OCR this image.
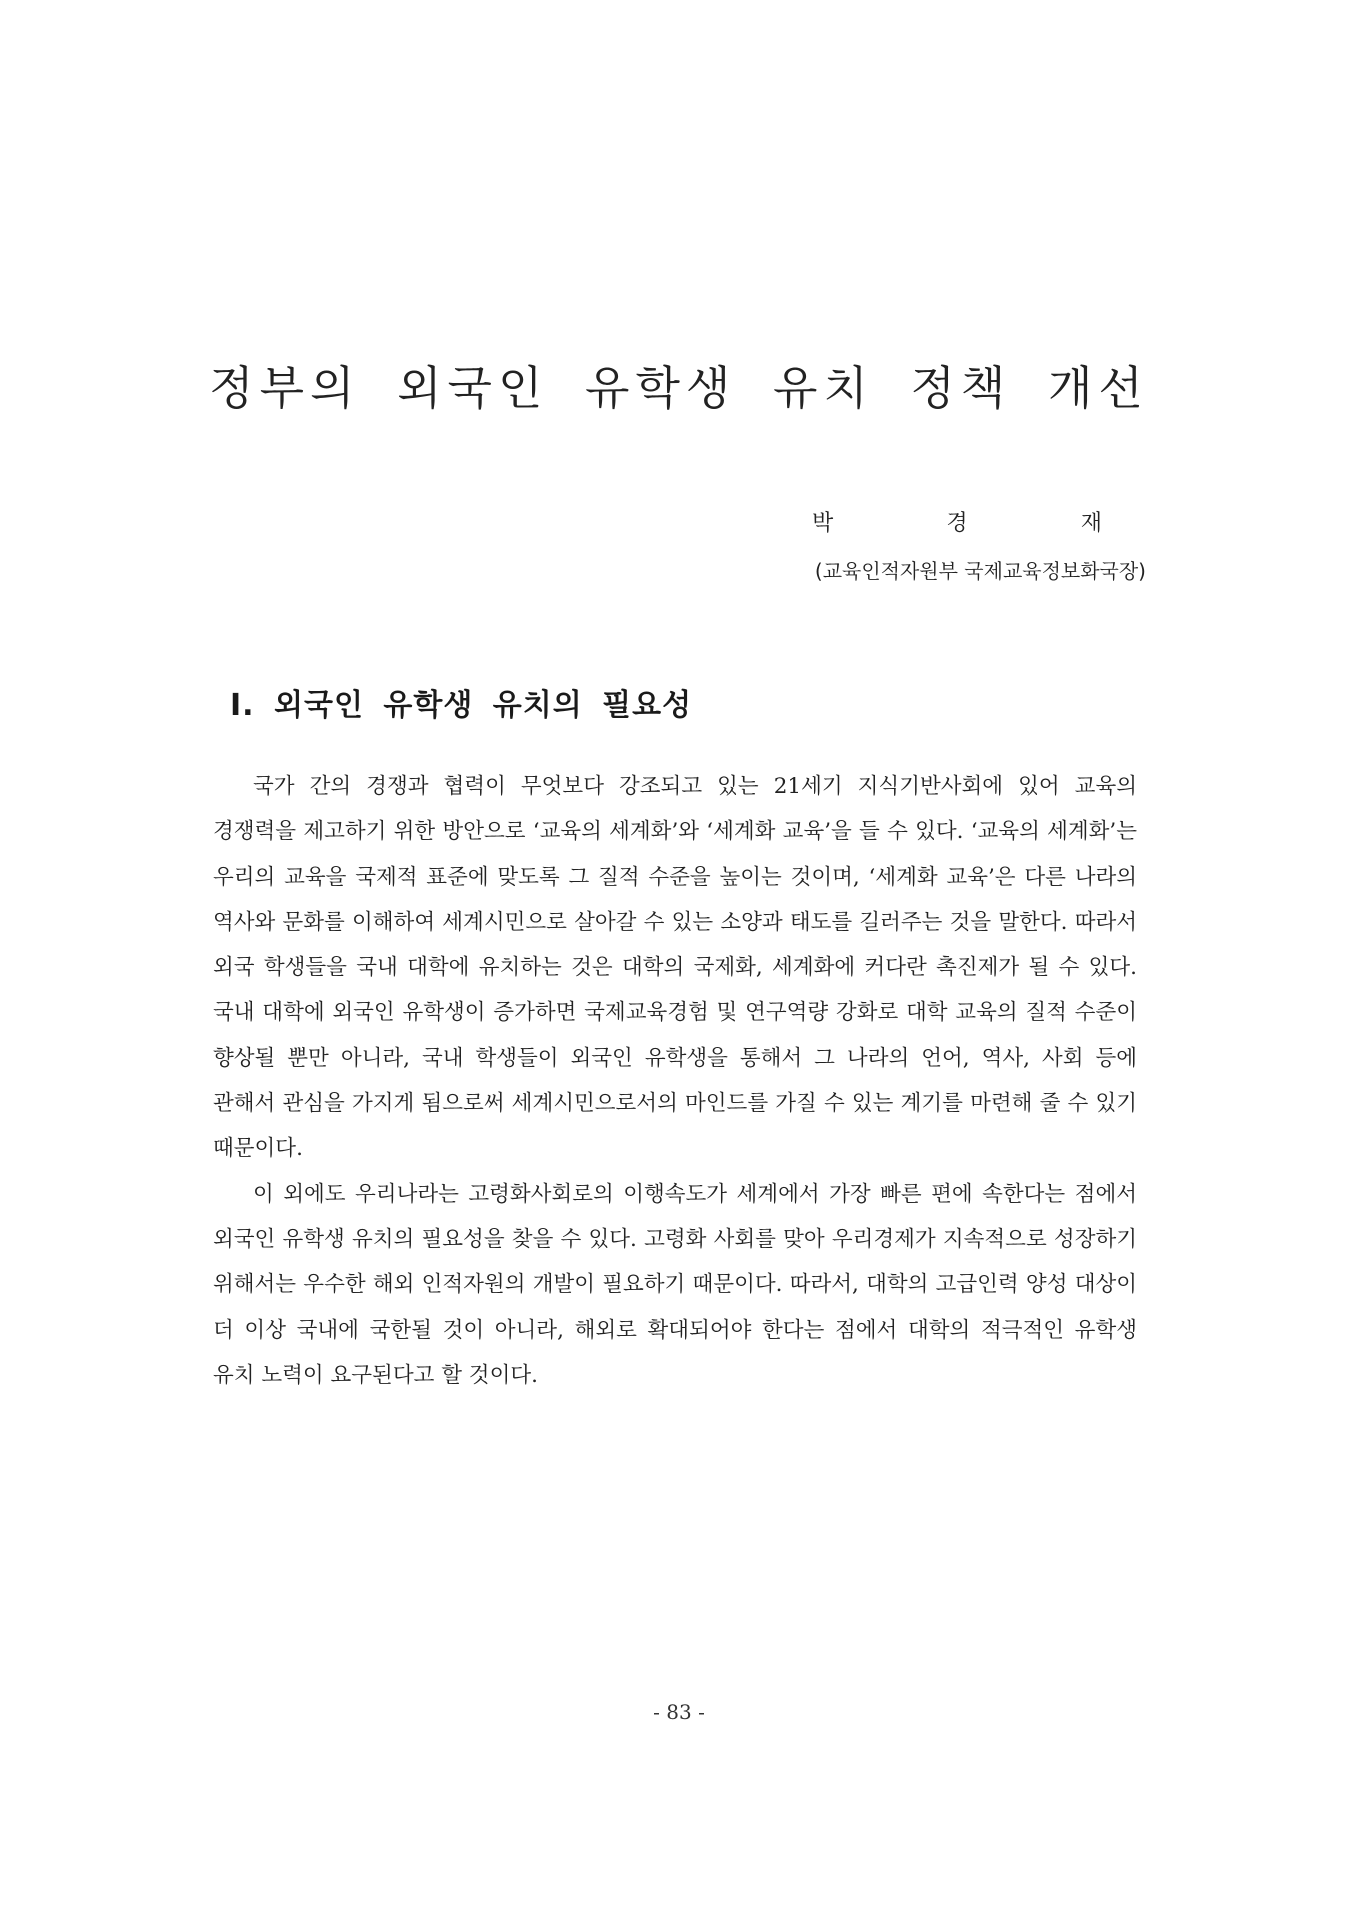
정부의 외국인 유학생 유치 정책 개선
박	경	재
(교육인적자원부 국제교육정보화국장)
Ⅰ. 외국인 유학생 유치의 필요성

국가 간의 경쟁과 협력이 무엇보다 강조되고 있는 21세기 지식기반사회에 있어 교육의 경쟁력을 제고하기 위한 방안으로 ‘교육의 세계화’와 ‘세계화 교육’을 들 수 있다. ‘교육의 세계화’는 우리의 교육을 국제적 표준에 맞도록 그 질적 수준을 높이는 것이며, ‘세계화 교육’은 다른 나라의 역사와 문화를 이해하여 세계시민으로 살아갈 수 있는 소양과 태도를 길러주는 것을 말한다. 따라서 외국 학생들을 국내 대학에 유치하는 것은 대학의 국제화, 세계화에 커다란 촉진제가 될 수 있다. 국내 대학에 외국인 유학생이 증가하면 국제교육경험 및 연구역량 강화로 대학 교육의 질적 수준이 향상될 뿐만 아니라, 국내 학생들이 외국인 유학생을 통해서 그 나라의 언어, 역사, 사회 등에 관해서 관심을 가지게 됨으로써 세계시민으로서의 마인드를 가질 수 있는 계기를 마련해 줄 수 있기 때문이다.

이 외에도 우리나라는 고령화사회로의 이행속도가 세계에서 가장 빠른 편에 속한다는 점에서 외국인 유학생 유치의 필요성을 찾을 수 있다. 고령화 사회를 맞아 우리경제가 지속적으로 성장하기 위해서는 우수한 해외 인적자원의 개발이 필요하기 때문이다. 따라서, 대학의 고급인력 양성 대상이 더 이상 국내에 국한될 것이 아니라, 해외로 확대되어야 한다는 점에서 대학의 적극적인 유학생 유치 노력이 요구된다고 할 것이다.

- 83 -
